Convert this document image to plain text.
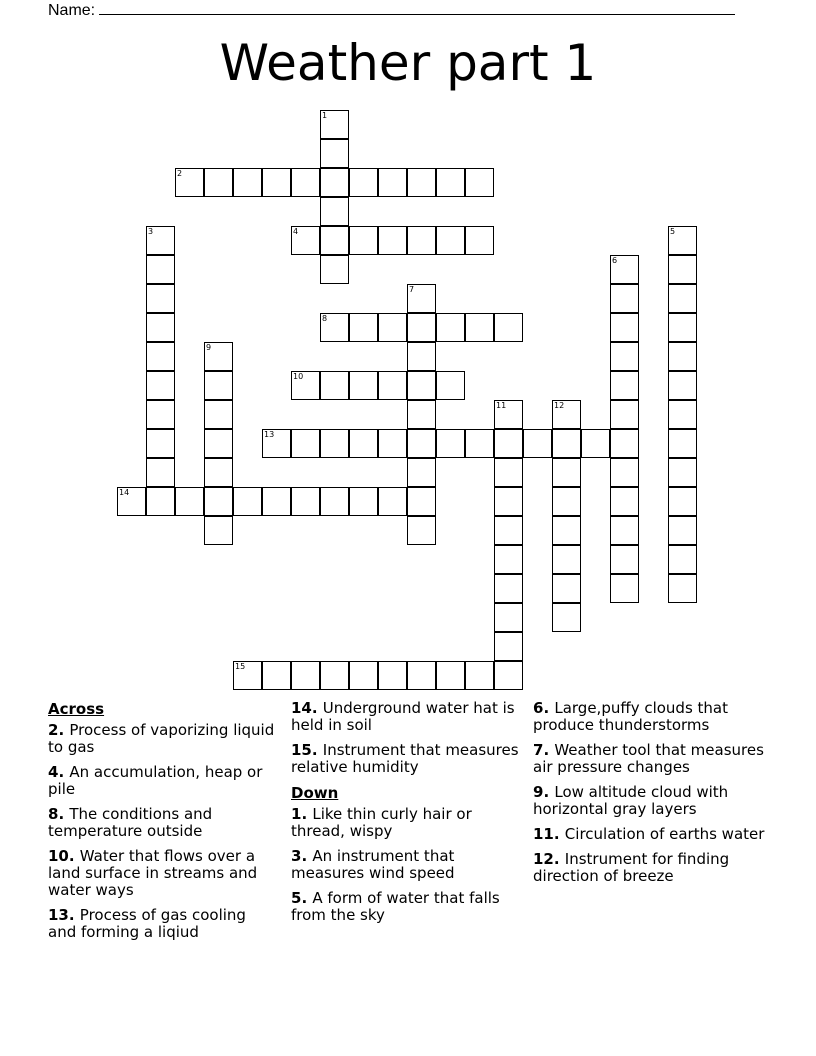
Name:
Weather part 1
1
2
3	4	5
6
7
8
9
10
11	12
13
14
15
Across
2. Process of vaporizing liquid to gas
4. An accumulation, heap or pile
8. The conditions and temperature outside
10. Water that flows over a land surface in streams and water ways
13. Process of gas cooling and forming a liqiud
14. Underground water hat is held in soil
15. Instrument that measures relative humidity
Down
1. Like thin curly hair or thread, wispy
3. An instrument that measures wind speed
5. A form of water that falls from the sky
6. Large,puffy clouds that produce thunderstorms
7. Weather tool that measures air pressure changes
9. Low altitude cloud with horizontal gray layers
11. Circulation of earths water
12. Instrument for finding direction of breeze
